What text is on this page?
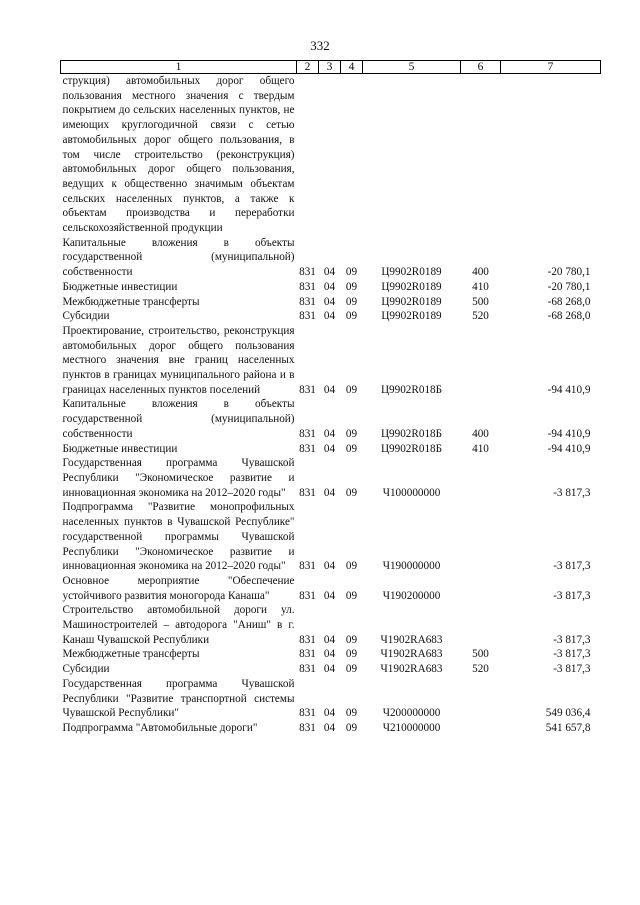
332
1	2	3	4	5	6	7
струкция) автомобильных дорог общего пользования местного значения с твердым покрытием до сельских населенных пунктов, не имеющих круглогодичной связи с сетью автомобильных дорог общего пользования, в том числе строительство (реконструкция) автомобильных дорог общего пользования, ведущих к общественно значимым объектам сельских населенных пунктов, а также к объектам производства и переработки сельскохозяйственной продукции						
Капитальные вложения в объекты государственной (муниципальной) собственности	831	04	09	Ц9902R0189	400	-20 780,1
Бюджетные инвестиции	831	04	09	Ц9902R0189	410	-20 780,1
Межбюджетные трансферты	831	04	09	Ц9902R0189	500	-68 268,0
Субсидии	831	04	09	Ц9902R0189	520	-68 268,0
Проектирование, строительство, реконструкция автомобильных дорог общего пользования местного значения вне границ населенных пунктов в границах муниципального района и в границах населенных пунктов поселений	831	04	09	Ц9902R018Б		-94 410,9
Капитальные вложения в объекты государственной (муниципальной) собственности	831	04	09	Ц9902R018Б	400	-94 410,9
Бюджетные инвестиции	831	04	09	Ц9902R018Б	410	-94 410,9
Государственная программа Чувашской Республики "Экономическое развитие и инновационная экономика на 2012–2020 годы"	831	04	09	Ч100000000		-3 817,3
Подпрограмма "Развитие монопрофильных населенных пунктов в Чувашской Республике" государственной программы Чувашской Республики "Экономическое развитие и инновационная экономика на 2012–2020 годы"	831	04	09	Ч190000000		-3 817,3
Основное мероприятие "Обеспечение устойчивого развития моногорода Канаша"	831	04	09	Ч190200000		-3 817,3
Строительство автомобильной дороги ул. Машиностроителей – автодорога "Аниш" в г. Канаш Чувашской Республики	831	04	09	Ч1902RA683		-3 817,3
Межбюджетные трансферты	831	04	09	Ч1902RA683	500	-3 817,3
Субсидии	831	04	09	Ч1902RA683	520	-3 817,3
Государственная программа Чувашской Республики "Развитие транспортной системы Чувашской Республики"	831	04	09	Ч200000000		549 036,4
Подпрограмма "Автомобильные дороги"	831	04	09	Ч210000000		541 657,8
